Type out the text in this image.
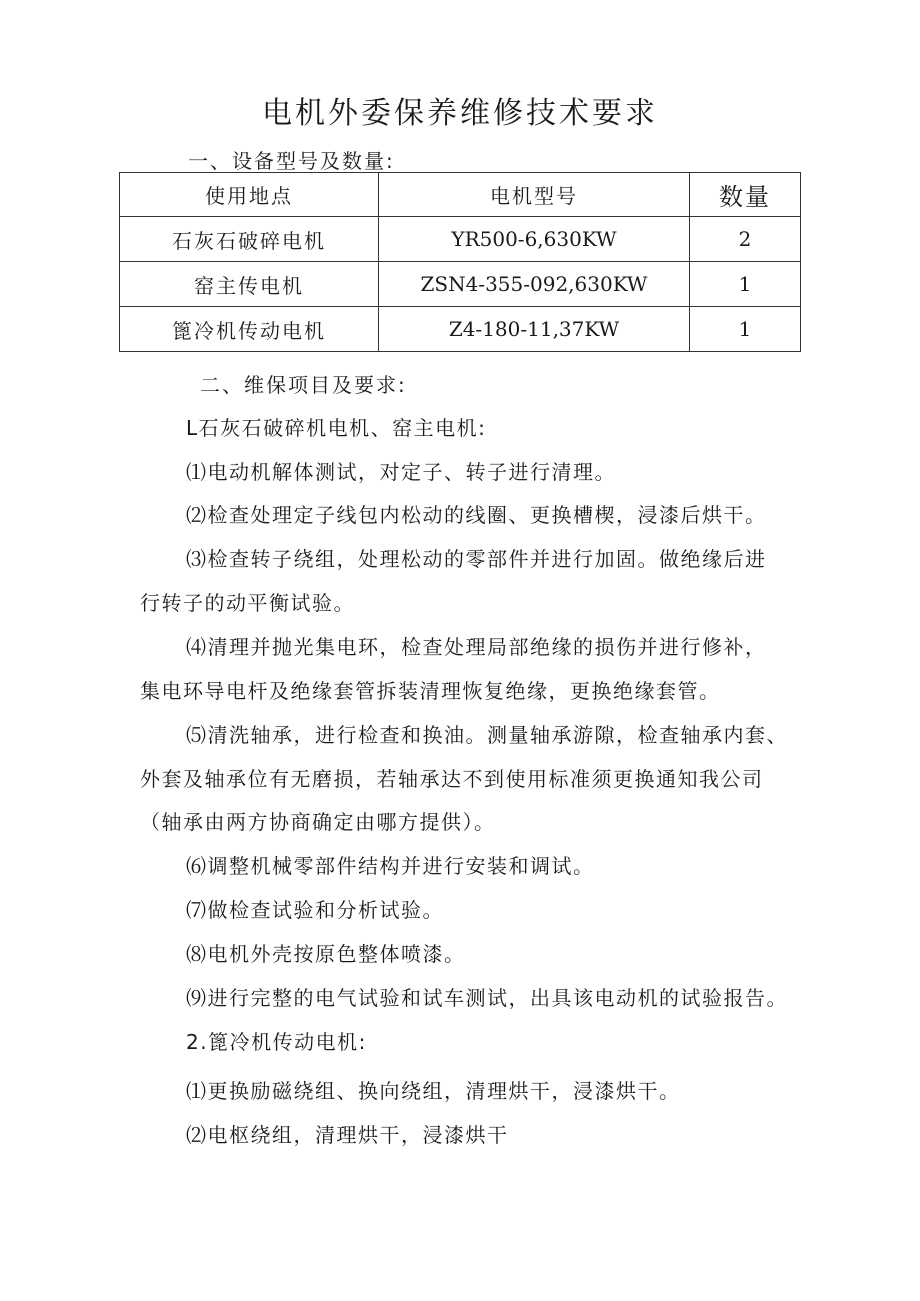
电机外委保养维修技术要求
一、设备型号及数量:
使用地点	电机型号	数量
石灰石破碎电机	YR500-6,630KW	2
窑主传电机	ZSN4-355-092,630KW	1
篦冷机传动电机	Z4-180-11,37KW	1
二、维保项目及要求:
L石灰石破碎机电机、窑主电机:
⑴电动机解体测试，对定子、转子进行清理。
⑵检查处理定子线包内松动的线圈、更换槽楔，浸漆后烘干。
⑶检查转子绕组，处理松动的零部件并进行加固。做绝缘后进
行转子的动平衡试验。
⑷清理并抛光集电环，检查处理局部绝缘的损伤并进行修补，
集电环导电杆及绝缘套管拆装清理恢复绝缘，更换绝缘套管。
⑸清洗轴承，进行检查和换油。测量轴承游隙，检查轴承内套、
外套及轴承位有无磨损，若轴承达不到使用标准须更换通知我公司
（轴承由两方协商确定由哪方提供）。
⑹调整机械零部件结构并进行安装和调试。
⑺做检查试验和分析试验。
⑻电机外壳按原色整体喷漆。
⑼进行完整的电气试验和试车测试，出具该电动机的试验报告。
2.篦冷机传动电机:
⑴更换励磁绕组、换向绕组，清理烘干，浸漆烘干。
⑵电枢绕组，清理烘干，浸漆烘干
